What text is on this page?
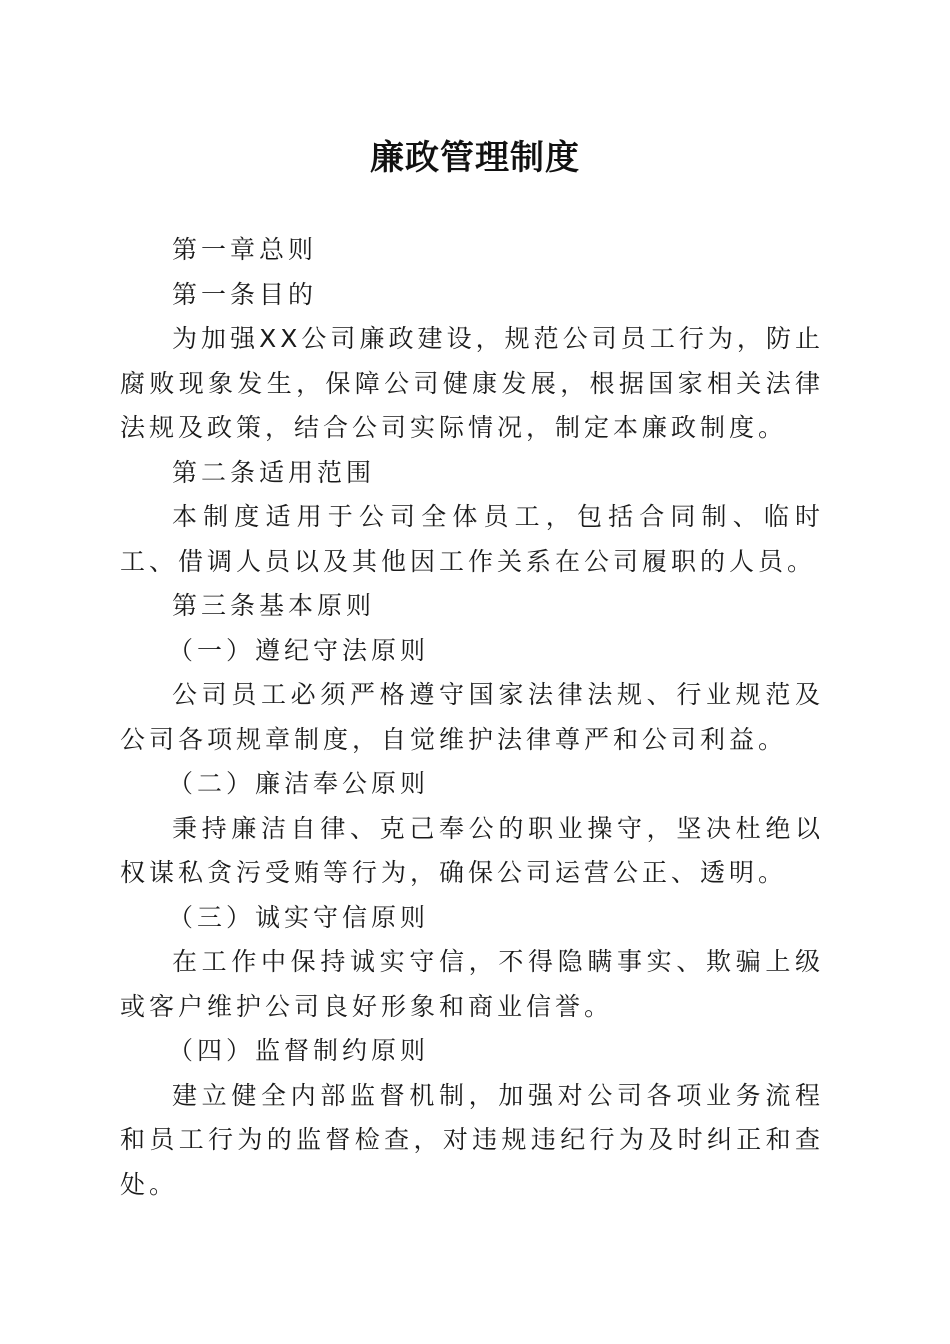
廉政管理制度

第一章总则

第一条目的

为加强XX公司廉政建设，规范公司员工行为，防止腐败现象发生，保障公司健康发展，根据国家相关法律法规及政策，结合公司实际情况，制定本廉政制度。

第二条适用范围

本制度适用于公司全体员工，包括合同制、临时工、借调人员以及其他因工作关系在公司履职的人员。

第三条基本原则

（一）遵纪守法原则

公司员工必须严格遵守国家法律法规、行业规范及公司各项规章制度，自觉维护法律尊严和公司利益。

（二）廉洁奉公原则

秉持廉洁自律、克己奉公的职业操守，坚决杜绝以权谋私贪污受贿等行为，确保公司运营公正、透明。

（三）诚实守信原则

在工作中保持诚实守信，不得隐瞒事实、欺骗上级或客户维护公司良好形象和商业信誉。

（四）监督制约原则

建立健全内部监督机制，加强对公司各项业务流程和员工行为的监督检查，对违规违纪行为及时纠正和查处。
